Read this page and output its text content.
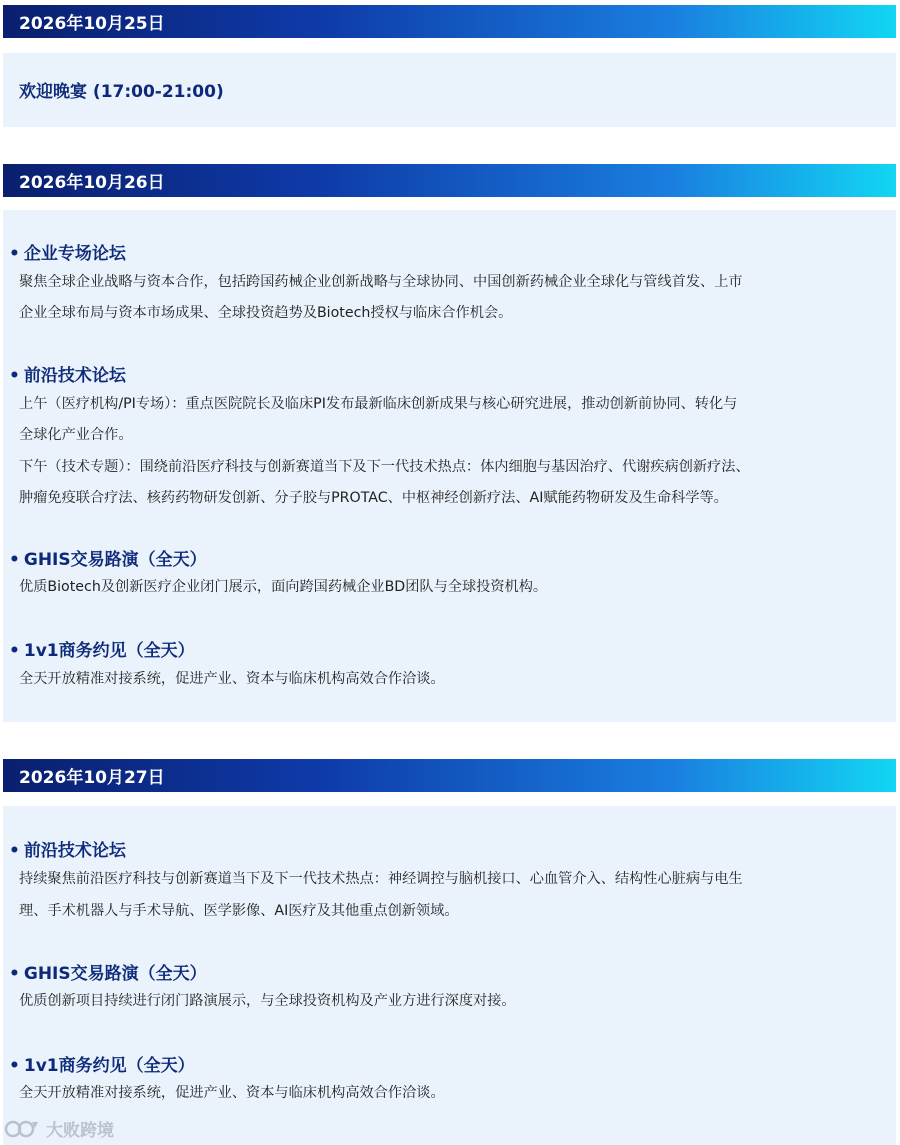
2026年10月25日
欢迎晚宴 (17:00-21:00)
2026年10月26日
• 企业专场论坛
聚焦全球企业战略与资本合作，包括跨国药械企业创新战略与全球协同、中国创新药械企业全球化与管线首发、上市
企业全球布局与资本市场成果、全球投资趋势及Biotech授权与临床合作机会。
• 前沿技术论坛
上午（医疗机构/PI专场）：重点医院院长及临床PI发布最新临床创新成果与核心研究进展，推动创新前协同、转化与
全球化产业合作。
下午（技术专题）：围绕前沿医疗科技与创新赛道当下及下一代技术热点：体内细胞与基因治疗、代谢疾病创新疗法、
肿瘤免疫联合疗法、核药药物研发创新、分子胶与PROTAC、中枢神经创新疗法、AI赋能药物研发及生命科学等。
• GHIS交易路演（全天）
优质Biotech及创新医疗企业闭门展示，面向跨国药械企业BD团队与全球投资机构。
• 1v1商务约见（全天）
全天开放精准对接系统，促进产业、资本与临床机构高效合作洽谈。
2026年10月27日
• 前沿技术论坛
持续聚焦前沿医疗科技与创新赛道当下及下一代技术热点：神经调控与脑机接口、心血管介入、结构性心脏病与电生
理、手术机器人与手术导航、医学影像、AI医疗及其他重点创新领域。
• GHIS交易路演（全天）
优质创新项目持续进行闭门路演展示，与全球投资机构及产业方进行深度对接。
• 1v1商务约见（全天）
全天开放精准对接系统，促进产业、资本与临床机构高效合作洽谈。
大败跨境
